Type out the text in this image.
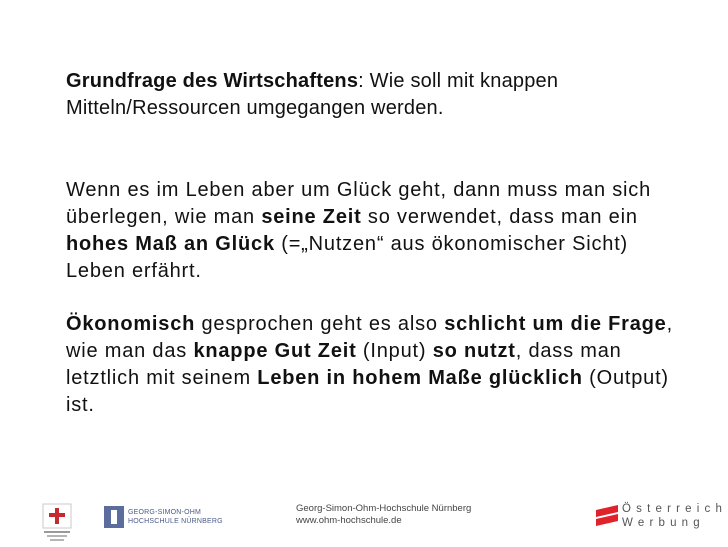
Grundfrage des Wirtschaftens: Wie soll mit knappen Mitteln/Ressourcen umgegangen werden.

Wenn es im Leben aber um Glück geht, dann muss man sich überlegen, wie man seine Zeit so verwendet, dass man ein hohes Maß an Glück (=„Nutzen“ aus ökonomischer Sicht) Leben erfährt.

Ökonomisch gesprochen geht es also schlicht um die Frage, wie man das knappe Gut Zeit (Input) so nutzt, dass man letztlich mit seinem Leben in hohem Maße glücklich (Output) ist.

GEORG-SIMON-OHM
HOCHSCHULE NÜRNBERG
Georg-Simon-Ohm-Hochschule Nürnberg
www.ohm-hochschule.de
Österreich
Werbung
